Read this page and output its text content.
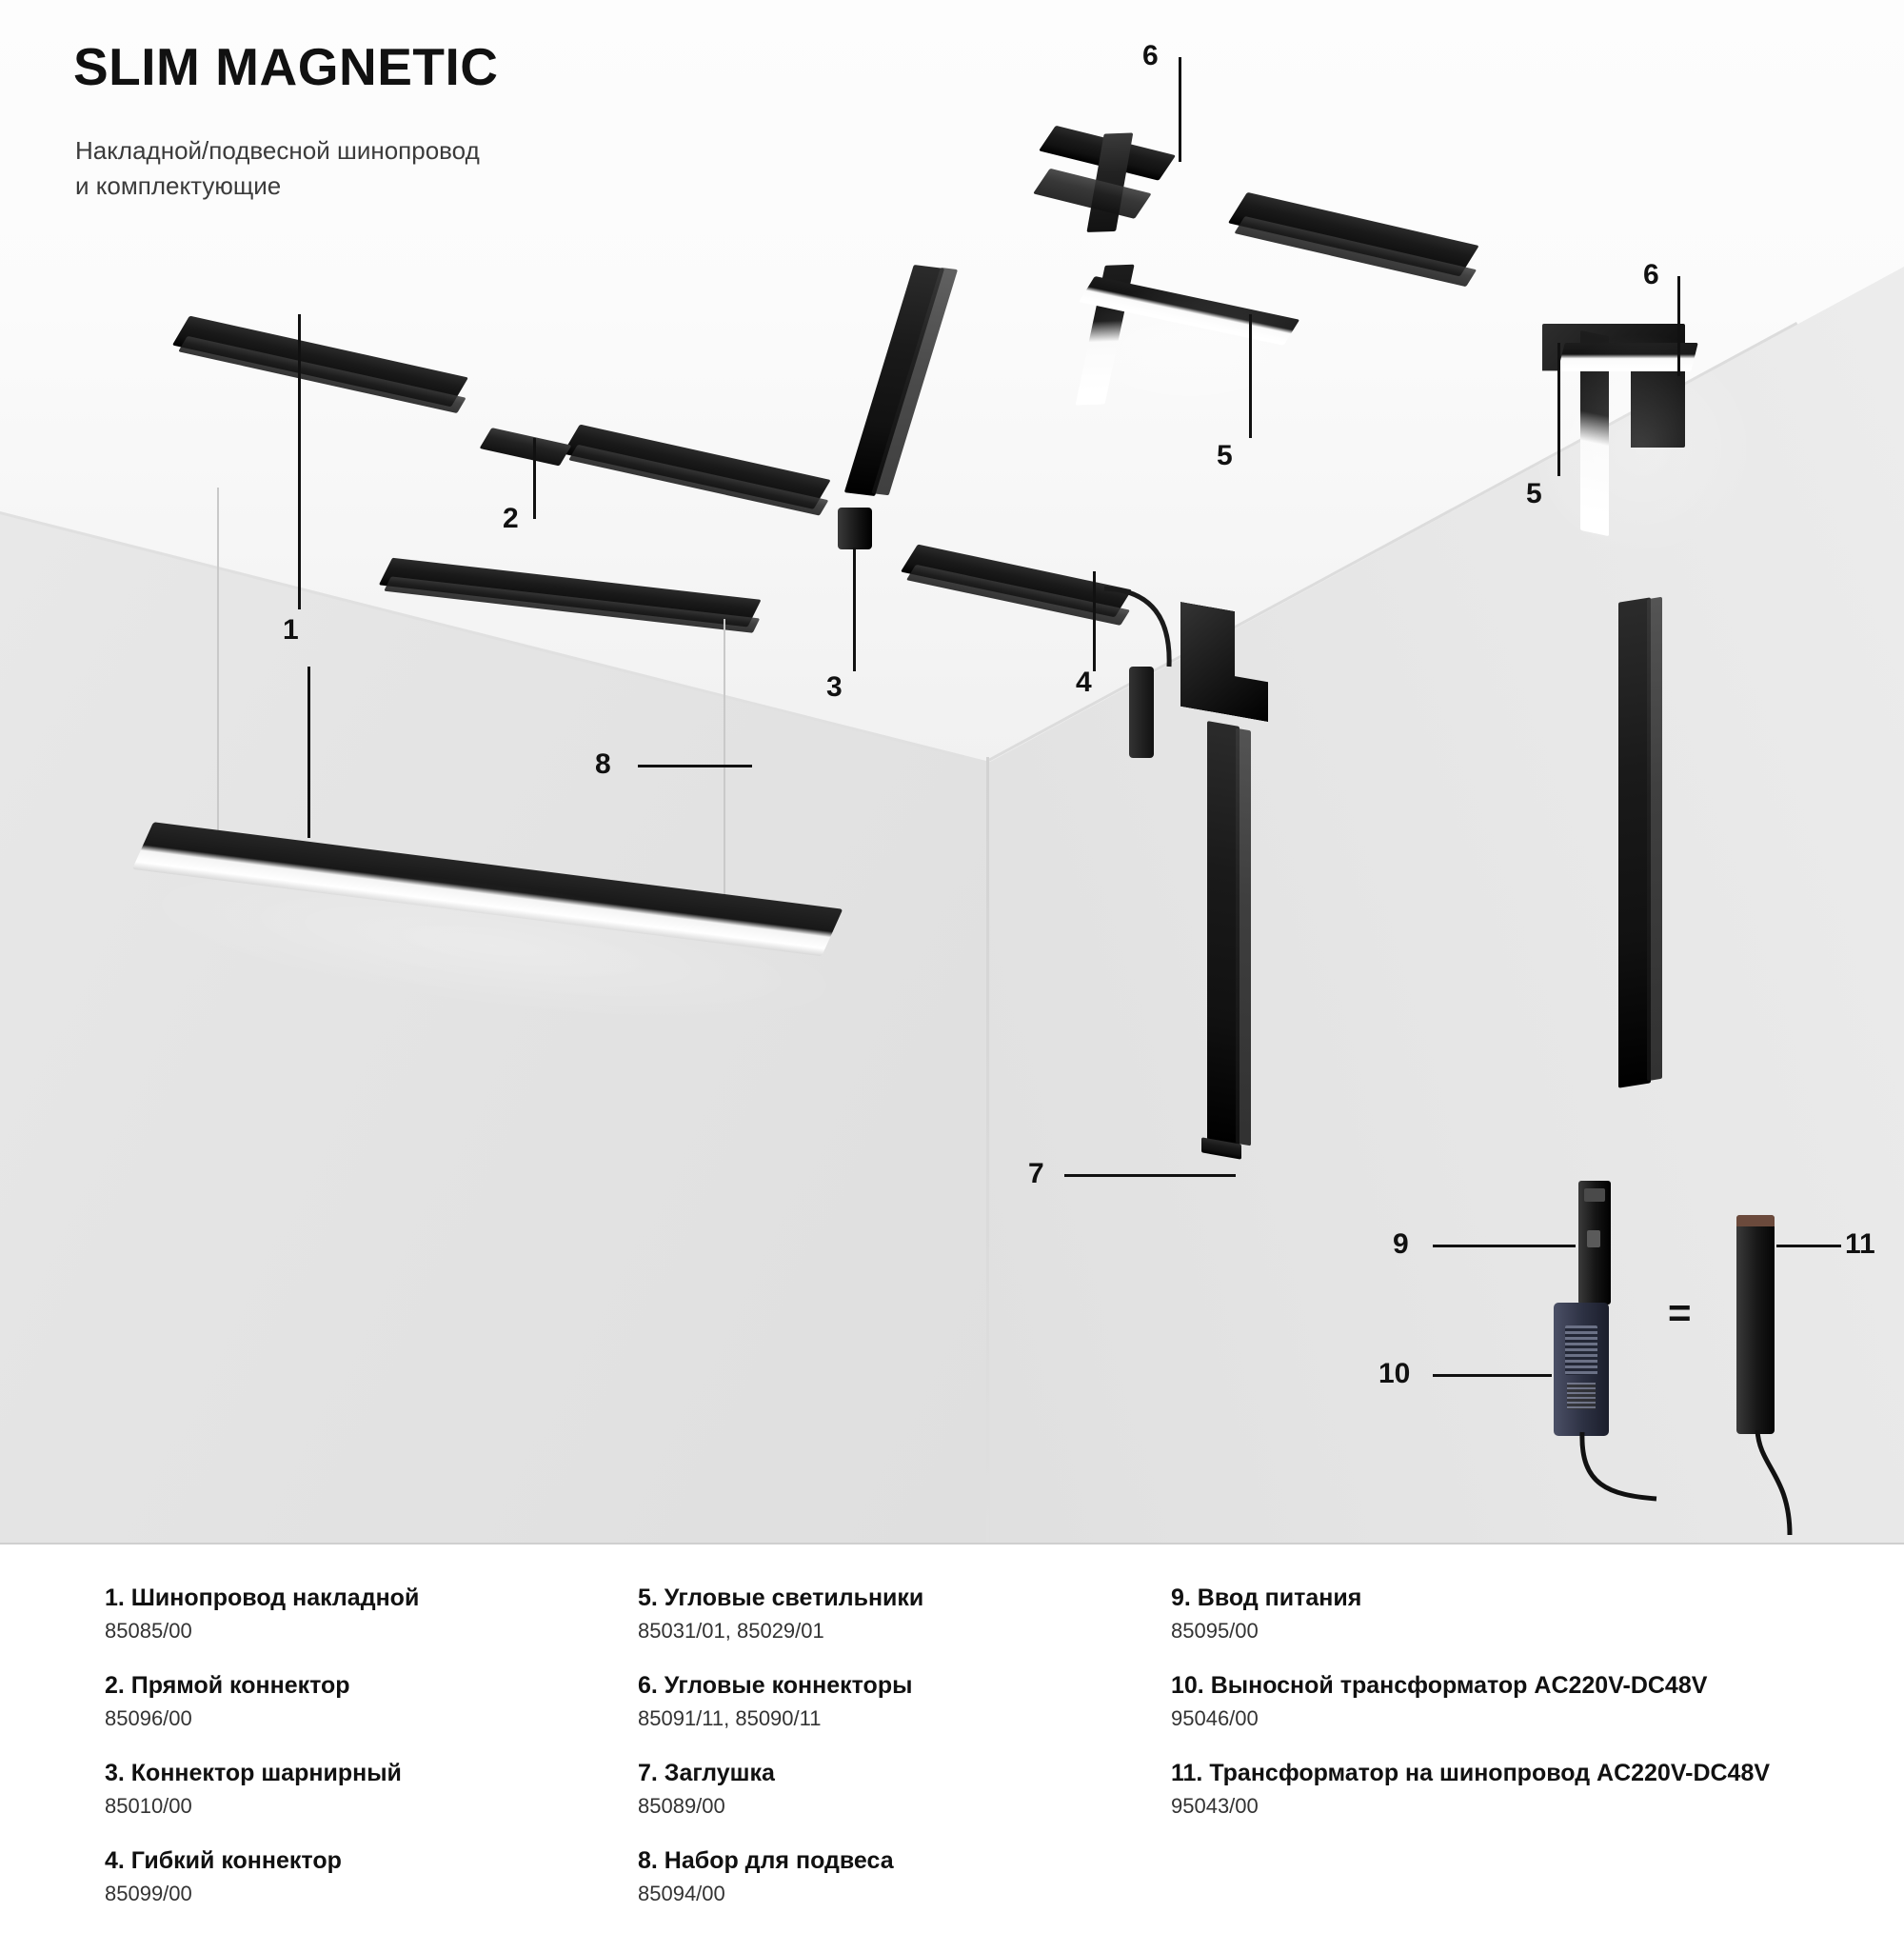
1
2
3	4
5
5
6
6
7
8
9
10
11
=
SLIM MAGNETIC
Накладной/подвесной шинопровод
и комплектующие
1. Шинопровод накладной
85085/00
2. Прямой коннектор
85096/00
3. Коннектор шарнирный
85010/00
4. Гибкий коннектор
85099/00
5. Угловые светильники
85031/01, 85029/01
6. Угловые коннекторы
85091/11, 85090/11
7. Заглушка
85089/00
8. Набор для подвеса
85094/00
9. Ввод питания
85095/00
10. Выносной трансформатор AC220V-DC48V
95046/00
11. Трансформатор на шинопровод AC220V-DC48V
95043/00
